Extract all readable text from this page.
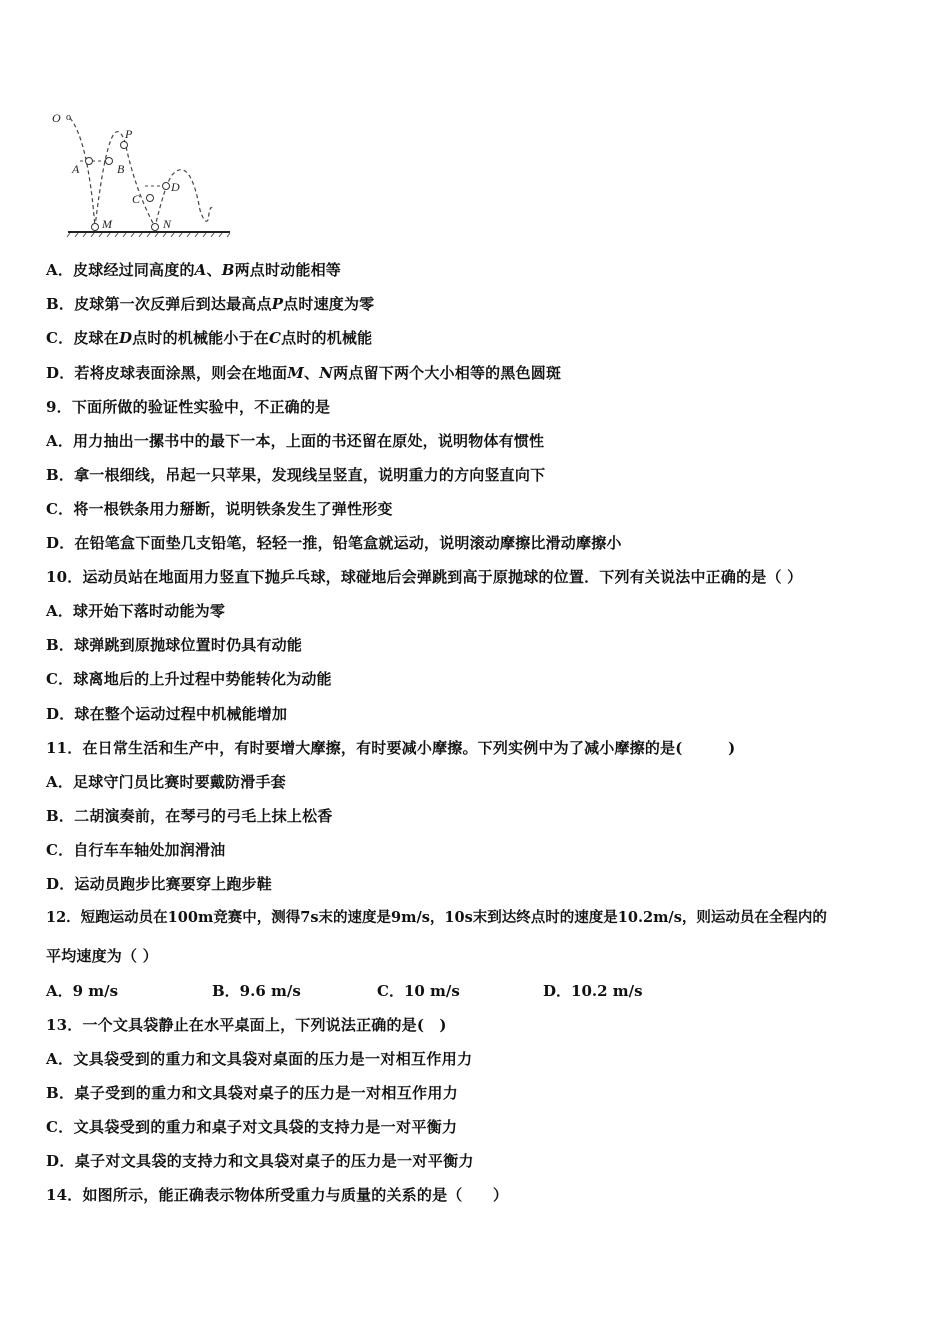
O o
P
A	B
C
D
M	N
A．皮球经过同高度的A、B两点时动能相等
B．皮球第一次反弹后到达最高点P点时速度为零
C．皮球在D点时的机械能小于在C点时的机械能
D．若将皮球表面涂黑，则会在地面M、N两点留下两个大小相等的黑色圆斑
9．下面所做的验证性实验中，不正确的是
A．用力抽出一摞书中的最下一本，上面的书还留在原处，说明物体有惯性
B．拿一根细线，吊起一只苹果，发现线呈竖直，说明重力的方向竖直向下
C．将一根铁条用力掰断，说明铁条发生了弹性形变
D．在铅笔盒下面垫几支铅笔，轻轻一推，铅笔盒就运动，说明滚动摩擦比滑动摩擦小
10．运动员站在地面用力竖直下抛乒乓球，球碰地后会弹跳到高于原抛球的位置．下列有关说法中正确的是（ ）
A．球开始下落时动能为零
B．球弹跳到原抛球位置时仍具有动能
C．球离地后的上升过程中势能转化为动能
D．球在整个运动过程中机械能增加
11．在日常生活和生产中，有时要增大摩擦，有时要减小摩擦。下列实例中为了减小摩擦的是(　　　)
A．足球守门员比赛时要戴防滑手套
B．二胡演奏前，在琴弓的弓毛上抹上松香
C．自行车车轴处加润滑油
D．运动员跑步比赛要穿上跑步鞋
12．短跑运动员在100m竞赛中，测得7s末的速度是9m/s，10s末到达终点时的速度是10.2m/s，则运动员在全程内的
平均速度为（ ）
A．9 m/s	B．9.6 m/s	C．10 m/s	D．10.2 m/s
13．一个文具袋静止在水平桌面上，下列说法正确的是(　)
A．文具袋受到的重力和文具袋对桌面的压力是一对相互作用力
B．桌子受到的重力和文具袋对桌子的压力是一对相互作用力
C．文具袋受到的重力和桌子对文具袋的支持力是一对平衡力
D．桌子对文具袋的支持力和文具袋对桌子的压力是一对平衡力
14．如图所示，能正确表示物体所受重力与质量的关系的是（　　）
